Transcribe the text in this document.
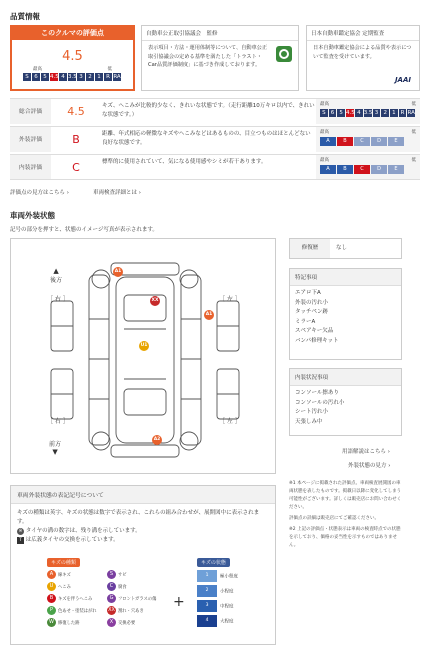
品質情報
このクルマの評価点
4.5
最高	低
S 6 5 4.5 4 3.5 3 2 1 R RA
自動車公正取引協議会　監修
表示項目・方法・運用体制等について、自動車公正取引協議会の定める基準を満たした「トラスト・Car品質評価制度」に基づき作成しております。
日本自動車鑑定協会 定期監査
日本自動車鑑定協会による品質や表示について監査を受けています。
JAAI
総合評価	4.5	キズ、へこみが比較的少なく、きれいな状態です。（走行距離10万キロ以内で、きれいな状態です。）
最高	低
S 6 5 4.5 4 3.5 3 2 1 R RA
外装評価	B	距離、年式相応の軽微なキズやへこみなどはあるものの、目立つものはほとんどない良好な状態です。
最高	低
A	B	C	D	E
内装評価	C	標準的に使用されていて、気になる使用感やシミが若干あります。	最高	低
A	B	C	D	E
評価点の見方はこちら ›	車両検査詳細とは ›
車両外装状態
記号の部分を押すと、状態のイメージ写真が表示されます。
▲
後方
前方
▼
［ 右 ］	［ 左 ］
［ 右 ］	［ 左 ］
A1
XX
A1
U1
A2
修復歴	なし
特記事項
エアロ下A
外装の汚れ小
タッチペン跡
ミラーA
スペアキー欠品
バンパ修理キット
内装状況事項
コンソール擦あり
コンソールの汚れ小
シート汚れ小
天張しみ中
用語解説はこちら ›
外装状態の見方 ›
車両外装状態の表記記号について
キズの種類は英字、キズの状態は数字で表示され、これらの組み合わせが、展開図中に表示されます。
※ タイヤの溝の数字は、残り溝を示しています。
T は広義タイヤの交換を示しています。
キズの種類
A 線キズ	S サビ
U へこみ	C 腐食
B キズを伴うへこみ	G フロントガラスの傷
P 色あせ・塗装はがれ	XX 割れ・穴あき
W 修復した跡	X 交換必要
+
キズの状態
1	極小程度
2	小程度
3	中程度
4	大程度
※1 本ページに掲載された評価点、車両検査展開図の車両状態を表したものです。掲載日以降に変化してしまう可能性がございます。詳しくは販売店にお問い合わせください。
評価点の詳細は販売店にてご確認ください。
※2 上記の評価点・状態表示は車両の検査時点での状態を示しており、価格の妥当性を示すものではありません。
